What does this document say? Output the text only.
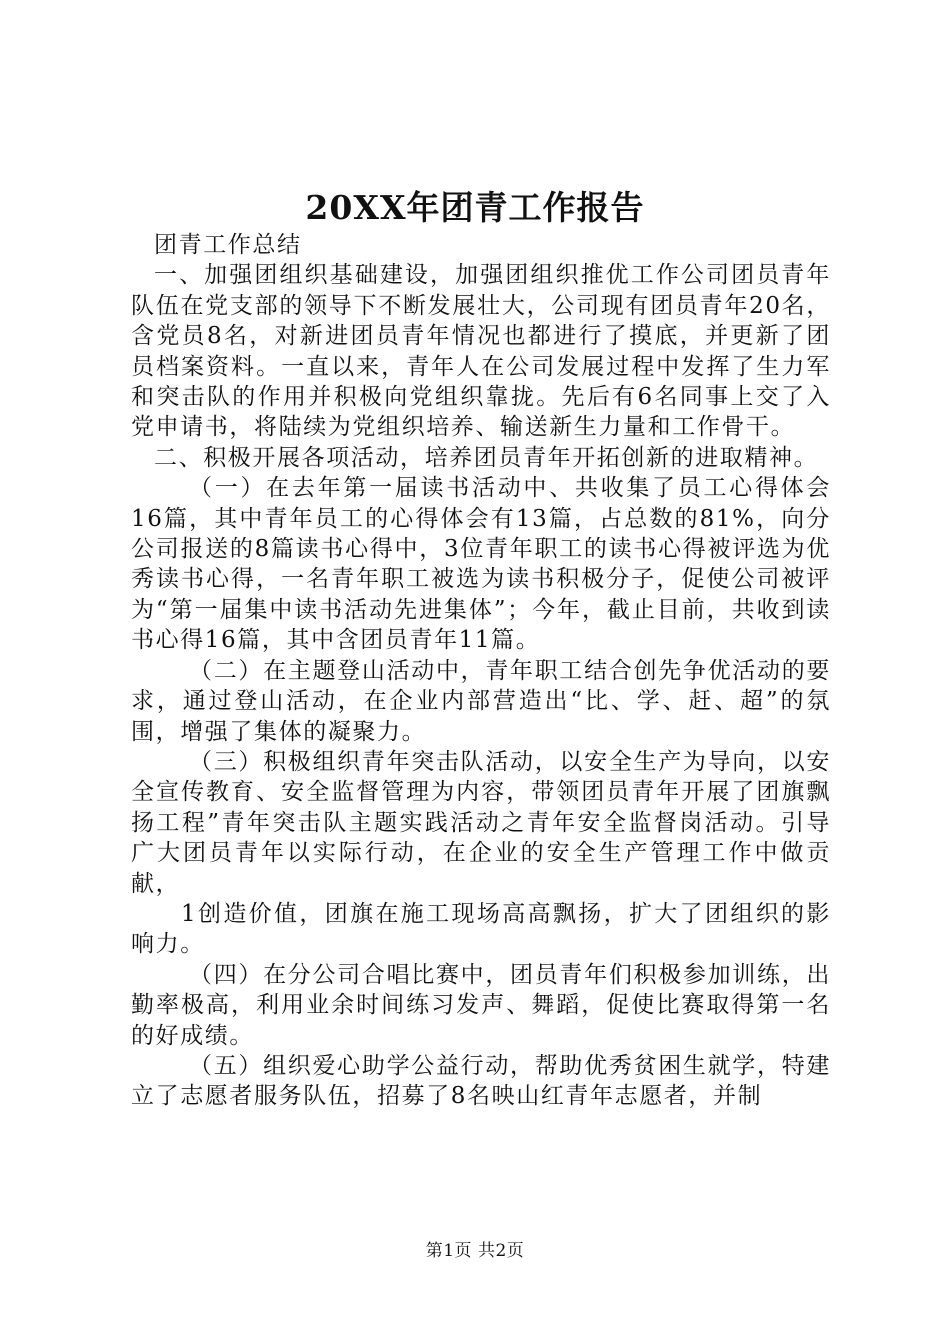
20XX年团青工作报告

团青工作总结

一、加强团组织基础建设，加强团组织推优工作公司团员青年队伍在党支部的领导下不断发展壮大，公司现有团员青年20名，含党员8名，对新进团员青年情况也都进行了摸底，并更新了团员档案资料。一直以来，青年人在公司发展过程中发挥了生力军和突击队的作用并积极向党组织靠拢。先后有6名同事上交了入党申请书，将陆续为党组织培养、输送新生力量和工作骨干。

二、积极开展各项活动，培养团员青年开拓创新的进取精神。

（一）在去年第一届读书活动中、共收集了员工心得体会16篇，其中青年员工的心得体会有13篇，占总数的81%，向分公司报送的8篇读书心得中，3位青年职工的读书心得被评选为优秀读书心得，一名青年职工被选为读书积极分子，促使公司被评为“第一届集中读书活动先进集体”；今年，截止目前，共收到读书心得16篇，其中含团员青年11篇。

（二）在主题登山活动中，青年职工结合创先争优活动的要求，通过登山活动，在企业内部营造出“比、学、赶、超”的氛围，增强了集体的凝聚力。

（三）积极组织青年突击队活动，以安全生产为导向，以安全宣传教育、安全监督管理为内容，带领团员青年开展了团旗飘扬工程”青年突击队主题实践活动之青年安全监督岗活动。引导广大团员青年以实际行动，在企业的安全生产管理工作中做贡献，

1创造价值，团旗在施工现场高高飘扬，扩大了团组织的影响力。

（四）在分公司合唱比赛中，团员青年们积极参加训练，出勤率极高，利用业余时间练习发声、舞蹈，促使比赛取得第一名的好成绩。

（五）组织爱心助学公益行动，帮助优秀贫困生就学，特建立了志愿者服务队伍，招募了8名映山红青年志愿者，并制

第1页 共2页
